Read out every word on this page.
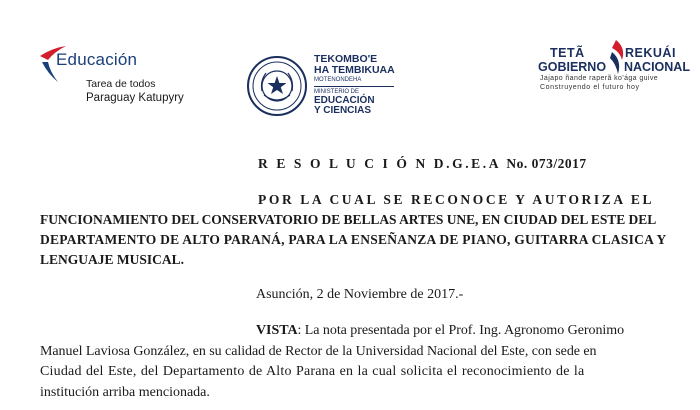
Educación
Tarea de todos
Paraguay Katupyry
TEKOMBO'E
HA TEMBIKUAA
MOTENONDEHA
MINISTERIO DE
EDUCACIÓN
Y CIENCIAS
TETÃ	REKUÁI
GOBIERNO NACIONAL
Jajapo ñande raperã ko'ága guive
Construyendo el futuro hoy
R E S O L U C I Ó N D.G.E.A No. 073/2017
POR LA CUAL SE RECONOCE Y AUTORIZA EL
FUNCIONAMIENTO DEL CONSERVATORIO DE BELLAS ARTES UNE, EN CIUDAD DEL ESTE DEL
DEPARTAMENTO DE ALTO PARANÁ, PARA LA ENSEÑANZA DE PIANO, GUITARRA CLASICA Y
LENGUAJE MUSICAL.
Asunción, 2 de Noviembre de 2017.-
VISTA: La nota presentada por el Prof. Ing. Agronomo Geronimo
Manuel Laviosa González, en su calidad de Rector de la Universidad Nacional del Este, con sede en
Ciudad del Este, del Departamento de Alto Parana en la cual solicita el reconocimiento de la
institución arriba mencionada.
